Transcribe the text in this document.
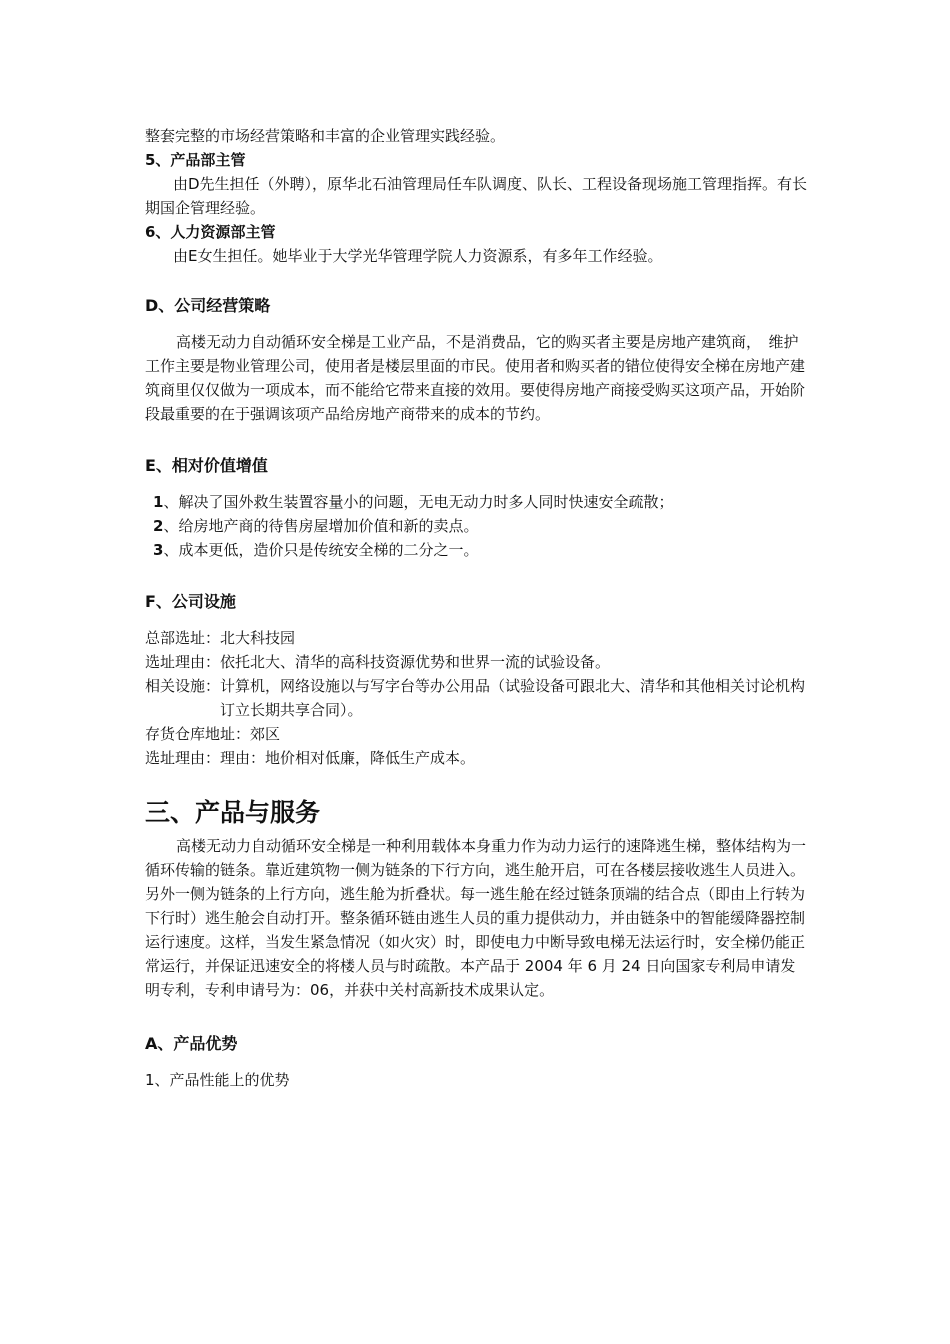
整套完整的市场经营策略和丰富的企业管理实践经验。

5、产品部主管

由D先生担任（外聘），原华北石油管理局任车队调度、队长、工程设备现场施工管理指挥。有长期国企管理经验。

6、人力资源部主管

由E女生担任。她毕业于大学光华管理学院人力资源系，有多年工作经验。

D、公司经营策略

高楼无动力自动循环安全梯是工业产品，不是消费品，它的购买者主要是房地产建筑商，　维护工作主要是物业管理公司，使用者是楼层里面的市民。使用者和购买者的错位使得安全梯在房地产建筑商里仅仅做为一项成本，而不能给它带来直接的效用。要使得房地产商接受购买这项产品，开始阶段最重要的在于强调该项产品给房地产商带来的成本的节约。

E、相对价值增值

1、解决了国外救生装置容量小的问题，无电无动力时多人同时快速安全疏散；
2、给房地产商的待售房屋增加价值和新的卖点。
3、成本更低，造价只是传统安全梯的二分之一。

F、公司设施

总部选址： 北大科技园
选址理由： 依托北大、清华的高科技资源优势和世界一流的试验设备。
相关设施： 计算机，网络设施以与写字台等办公用品（试验设备可跟北大、清华和其他相关讨论机构订立长期共享合同）。
存货仓库地址： 郊区
选址理由： 理由：地价相对低廉，降低生产成本。

三、产品与服务

高楼无动力自动循环安全梯是一种利用载体本身重力作为动力运行的速降逃生梯，整体结构为一循环传输的链条。靠近建筑物一侧为链条的下行方向，逃生舱开启，可在各楼层接收逃生人员进入。另外一侧为链条的上行方向，逃生舱为折叠状。每一逃生舱在经过链条顶端的结合点（即由上行转为下行时）逃生舱会自动打开。整条循环链由逃生人员的重力提供动力，并由链条中的智能缓降器控制运行速度。这样，当发生紧急情况（如火灾）时，即使电力中断导致电梯无法运行时，安全梯仍能正常运行，并保证迅速安全的将楼人员与时疏散。本产品于 2004 年 6 月 24 日向国家专利局申请发明专利，专利申请号为：06，并获中关村高新技术成果认定。

A、产品优势

1、产品性能上的优势
